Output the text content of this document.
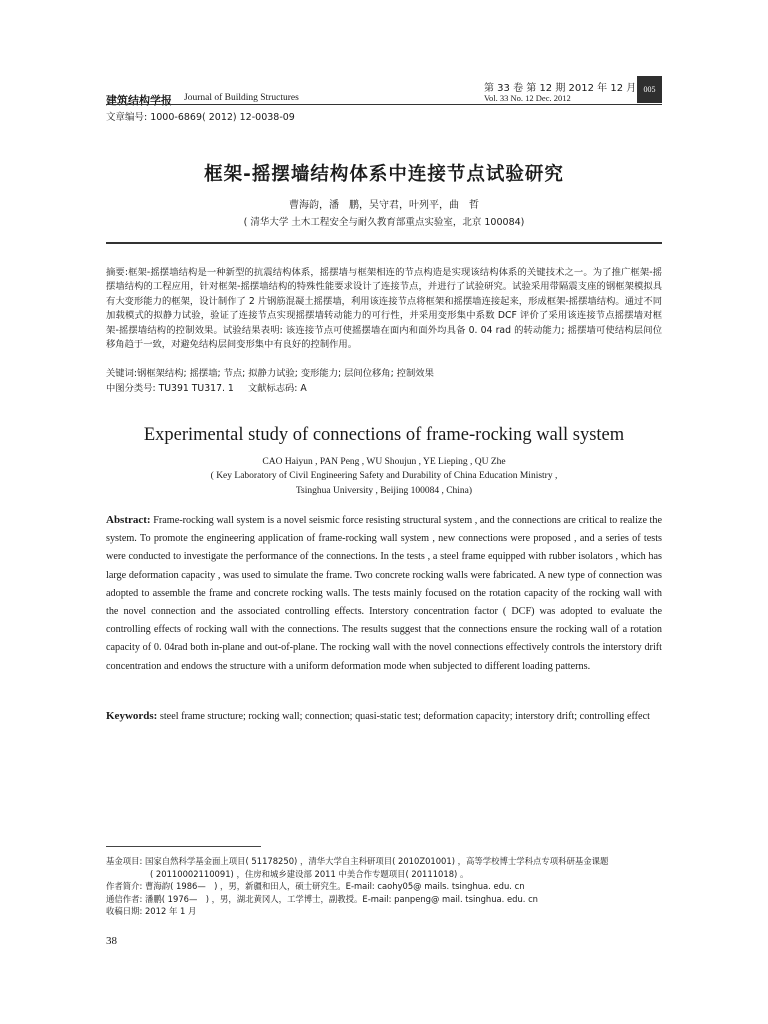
建筑结构学报 Journal of Building Structures
第 33 卷 第 12 期 2012 年 12 月
Vol. 33 No. 12 Dec. 2012
005
文章编号: 1000-6869( 2012) 12-0038-09
框架-摇摆墙结构体系中连接节点试验研究
曹海韵，潘　鹏，吴守君，叶列平，曲　哲
( 清华大学 土木工程安全与耐久教育部重点实验室，北京 100084)
摘要:框架-摇摆墙结构是一种新型的抗震结构体系，摇摆墙与框架相连的节点构造是实现该结构体系的关键技术之一。为了推广框架-摇摆墙结构的工程应用，针对框架-摇摆墙结构的特殊性能要求设计了连接节点，并进行了试验研究。试验采用带隔震支座的钢框架模拟具有大变形能力的框架，设计制作了 2 片钢筋混凝土摇摆墙，利用该连接节点将框架和摇摆墙连接起来，形成框架-摇摆墙结构。通过不同加载模式的拟静力试验，验证了连接节点实现摇摆墙转动能力的可行性，并采用变形集中系数 DCF 评价了采用该连接节点摇摆墙对框架-摇摆墙结构的控制效果。试验结果表明: 该连接节点可使摇摆墙在面内和面外均具备 0. 04 rad 的转动能力; 摇摆墙可使结构层间位移角趋于一致，对避免结构层间变形集中有良好的控制作用。
关键词:钢框架结构; 摇摆墙; 节点; 拟静力试验; 变形能力; 层间位移角; 控制效果
中图分类号: TU391 TU317. 1 文献标志码: A
Experimental study of connections of frame-rocking wall system
CAO Haiyun , PAN Peng , WU Shoujun , YE Lieping , QU Zhe
( Key Laboratory of Civil Engineering Safety and Durability of China Education Ministry ,
Tsinghua University , Beijing 100084 , China)
Abstract: Frame-rocking wall system is a novel seismic force resisting structural system , and the connections are critical to realize the system. To promote the engineering application of frame-rocking wall system , new connections were proposed , and a series of tests were conducted to investigate the performance of the connections. In the tests , a steel frame equipped with rubber isolators , which has large deformation capacity , was used to simulate the frame. Two concrete rocking walls were fabricated. A new type of connection was adopted to assemble the frame and concrete rocking walls. The tests mainly focused on the rotation capacity of the rocking wall with the novel connection and the associated controlling effects. Interstory concentration factor ( DCF) was adopted to evaluate the controlling effects of rocking wall with the connections. The results suggest that the connections ensure the rocking wall of a rotation capacity of 0. 04rad both in-plane and out-of-plane. The rocking wall with the novel connections effectively controls the interstory drift concentration and endows the structure with a uniform deformation mode when subjected to different loading patterns.
Keywords: steel frame structure; rocking wall; connection; quasi-static test; deformation capacity; interstory drift; controlling effect

基金项目: 国家自然科学基金面上项目( 51178250) ，清华大学自主科研项目( 2010Z01001) ，高等学校博士学科点专项科研基金课题

( 20110002110091) ，住房和城乡建设部 2011 中美合作专题项目( 20111018) 。

作者简介: 曹海韵( 1986—　) ，男，新疆和田人，硕士研究生。E-mail: caohy05@ mails. tsinghua. edu. cn

通信作者: 潘鹏( 1976—　) ，男，湖北黄冈人，工学博士，副教授。E-mail: panpeng@ mail. tsinghua. edu. cn

收稿日期: 2012 年 1 月

38
